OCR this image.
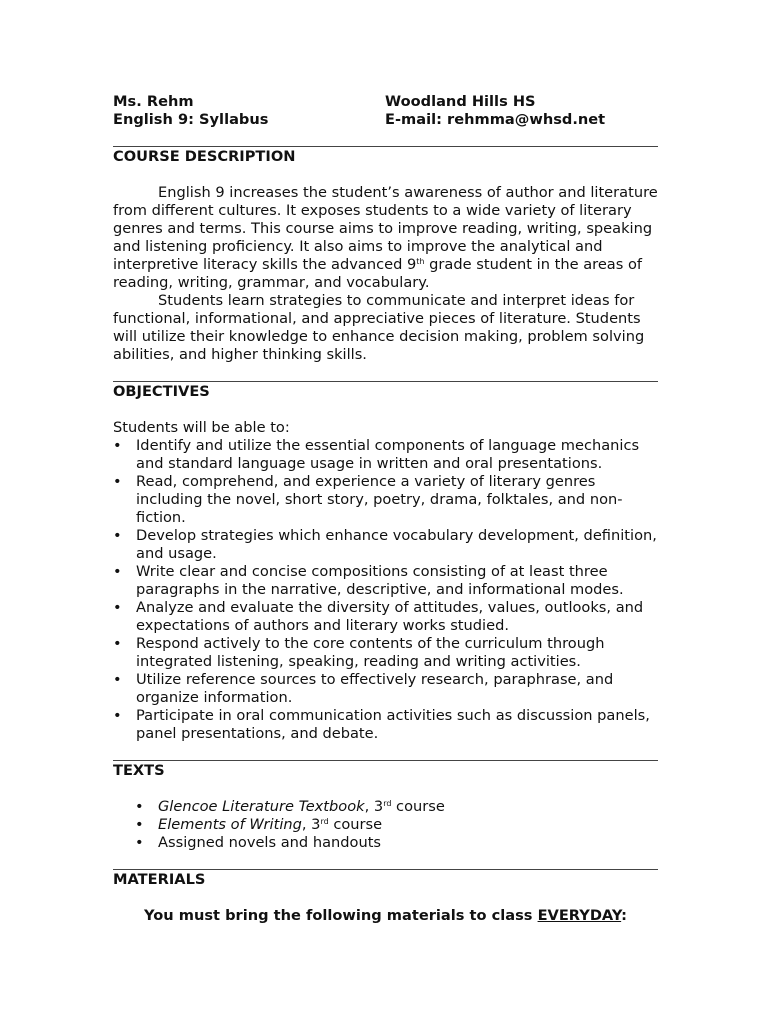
Ms. Rehm
English 9: Syllabus
Woodland Hills HS
E-mail: rehmma@whsd.net
COURSE DESCRIPTION

English 9 increases the student’s awareness of author and literature from different cultures. It exposes students to a wide variety of literary genres and terms. This course aims to improve reading, writing, speaking and listening proficiency. It also aims to improve the analytical and interpretive literacy skills the advanced 9th grade student in the areas of reading, writing, grammar, and vocabulary.

Students learn strategies to communicate and interpret ideas for functional, informational, and appreciative pieces of literature. Students will utilize their knowledge to enhance decision making, problem solving abilities, and higher thinking skills.

OBJECTIVES

Students will be able to:

• Identify and utilize the essential components of language mechanics and standard language usage in written and oral presentations.
• Read, comprehend, and experience a variety of literary genres including the novel, short story, poetry, drama, folktales, and non-fiction.
• Develop strategies which enhance vocabulary development, definition, and usage.
• Write clear and concise compositions consisting of at least three paragraphs in the narrative, descriptive, and informational modes.
• Analyze and evaluate the diversity of attitudes, values, outlooks, and expectations of authors and literary works studied.
• Respond actively to the core contents of the curriculum through integrated listening, speaking, reading and writing activities.
• Utilize reference sources to effectively research, paraphrase, and organize information.
• Participate in oral communication activities such as discussion panels, panel presentations, and debate.
TEXTS
• Glencoe Literature Textbook, 3rd course
• Elements of Writing, 3rd course
• Assigned novels and handouts
MATERIALS

You must bring the following materials to class EVERYDAY:
